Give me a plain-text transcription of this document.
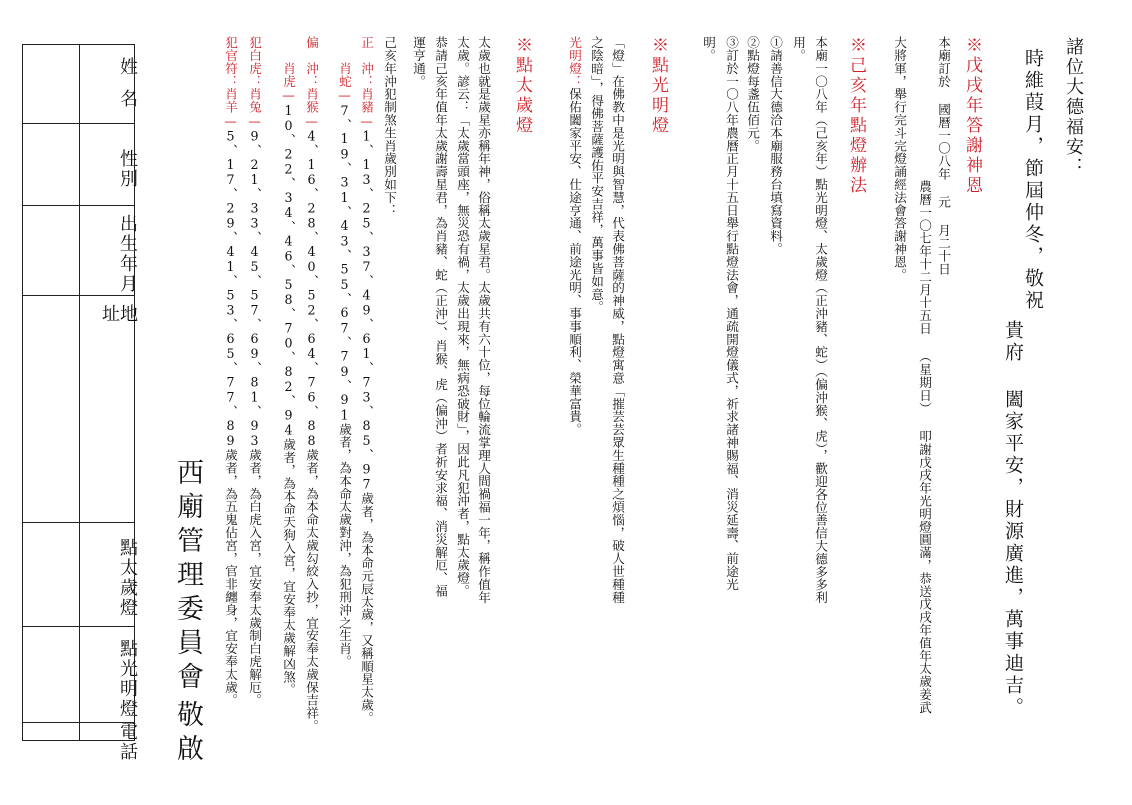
諸位大德福安：
時維葭月，節屆仲冬，敬祝
貴府 闔家平安，財源廣進，萬事迪吉。
※戊戌年答謝神恩
本廟訂於 國曆一〇八年 元 月二十日
農曆一〇七年十二月十五日 （星期日） 叩謝戊戌年光明燈圓滿，恭送戊戌年值年太歲姜武
大將軍，舉行完斗完燈誦經法會答謝神恩。
※己亥年點燈辦法
本廟一〇八年（己亥年）點光明燈、太歲燈（正沖豬、蛇）（偏沖猴、虎），歡迎各位善信大德多多利
用。
①請善信大德洽本廟服務台填寫資料。
②點燈每盞伍佰元。
③訂於一〇八年農曆正月十五日舉行點燈法會，通疏開燈儀式，祈求諸神賜福、消災延壽、前途光
明。
※點光明燈
「燈」在佛教中是光明與智慧，代表佛菩薩的神威，點燈寓意「摧芸芸眾生種種之煩惱，破人世種種
之陰暗」，得佛菩薩護佑平安吉祥，萬事皆如意。
光明燈：保佑闔家平安、仕途亨通、前途光明、事事順利、榮華富貴。
※點太歲燈
太歲也就是歲星亦稱年神，俗稱太歲星君。太歲共有六十位，每位輪流掌理人間禍福一年，稱作值年
太歲。諺云：「太歲當頭座，無災恐有禍，太歲出現來，無病恐破財」，因此凡犯沖者，點太歲燈。
恭請己亥年值年太歲謝壽星君，為肖豬、蛇（正沖）、肖猴、虎（偏沖）者祈安求福、消災解厄、福
運亨通。
己亥年沖犯制煞生肖歲別如下：
正　沖：肖豬—1、13、25、37、49、61、73、85、97歲者，為本命元辰太歲，又稱順星太歲。
　　肖蛇—7、19、31、43、55、67、79、91歲者，為本命太歲對沖，為犯刑沖之生肖。
偏　沖：肖猴—4、16、28、40、52、64、76、88歲者，為本命太歲勾絞入抄，宜安奉太歲保吉祥。
　　肖虎—10、22、34、46、58、70、82、94歲者，為本命天狗入宮，宜安奉太歲解凶煞。
犯白虎：肖兔—9、21、33、45、57、69、81、93歲者，為白虎入宮，宜安奉太歲制白虎解厄。
犯官符：肖羊—5、17、29、41、53、65、77、89歲者，為五鬼佔宮，官非纏身，宜安奉太歲。
西廟管理委員會
敬啟
姓名
性別
出生年月
地址
點太歲燈
點光明燈
電話
